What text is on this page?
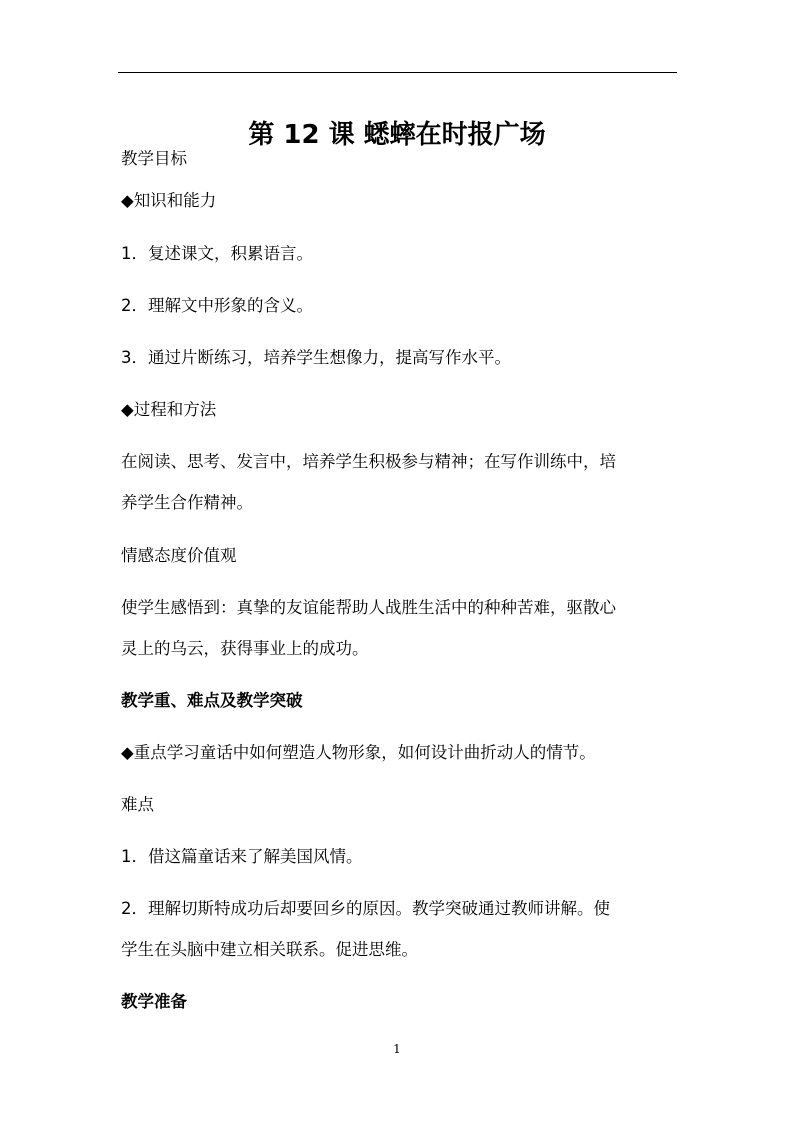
第 12 课 蟋蟀在时报广场
教学目标
◆知识和能力
1．复述课文，积累语言。
2．理解文中形象的含义。
3．通过片断练习，培养学生想像力，提高写作水平。
◆过程和方法
在阅读、思考、发言中，培养学生积极参与精神；在写作训练中，培
养学生合作精神。
情感态度价值观
使学生感悟到：真挚的友谊能帮助人战胜生活中的种种苦难，驱散心
灵上的乌云，获得事业上的成功。
教学重、难点及教学突破
◆重点学习童话中如何塑造人物形象，如何设计曲折动人的情节。
难点
1．借这篇童话来了解美国风情。
2．理解切斯特成功后却要回乡的原因。教学突破通过教师讲解。使
学生在头脑中建立相关联系。促进思维。
教学准备
1
